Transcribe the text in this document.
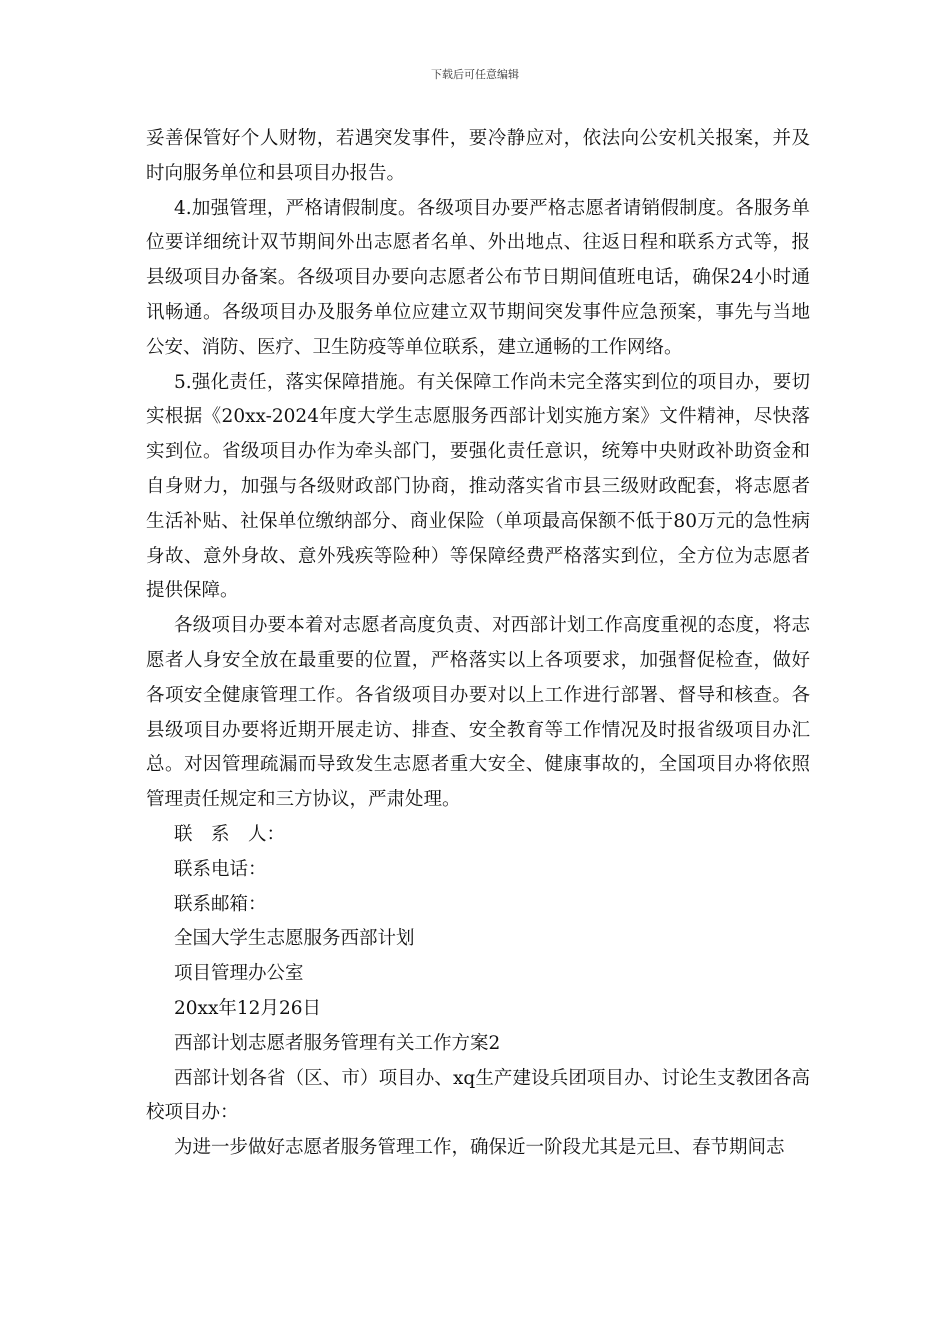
下载后可任意编辑

妥善保管好个人财物，若遇突发事件，要冷静应对，依法向公安机关报案，并及时向服务单位和县项目办报告。

4.加强管理，严格请假制度。各级项目办要严格志愿者请销假制度。各服务单位要详细统计双节期间外出志愿者名单、外出地点、往返日程和联系方式等，报县级项目办备案。各级项目办要向志愿者公布节日期间值班电话，确保24小时通讯畅通。各级项目办及服务单位应建立双节期间突发事件应急预案，事先与当地公安、消防、医疗、卫生防疫等单位联系，建立通畅的工作网络。

5.强化责任，落实保障措施。有关保障工作尚未完全落实到位的项目办，要切实根据《20xx-2024年度大学生志愿服务西部计划实施方案》文件精神，尽快落实到位。省级项目办作为牵头部门，要强化责任意识，统筹中央财政补助资金和自身财力，加强与各级财政部门协商，推动落实省市县三级财政配套，将志愿者生活补贴、社保单位缴纳部分、商业保险（单项最高保额不低于80万元的急性病身故、意外身故、意外残疾等险种）等保障经费严格落实到位，全方位为志愿者提供保障。

各级项目办要本着对志愿者高度负责、对西部计划工作高度重视的态度，将志愿者人身安全放在最重要的位置，严格落实以上各项要求，加强督促检查，做好各项安全健康管理工作。各省级项目办要对以上工作进行部署、督导和核查。各县级项目办要将近期开展走访、排查、安全教育等工作情况及时报省级项目办汇总。对因管理疏漏而导致发生志愿者重大安全、健康事故的，全国项目办将依照管理责任规定和三方协议，严肃处理。

联　系　人：

联系电话：

联系邮箱：

全国大学生志愿服务西部计划

项目管理办公室

20xx年12月26日

西部计划志愿者服务管理有关工作方案2

西部计划各省（区、市）项目办、xq生产建设兵团项目办、讨论生支教团各高校项目办：

为进一步做好志愿者服务管理工作，确保近一阶段尤其是元旦、春节期间志
